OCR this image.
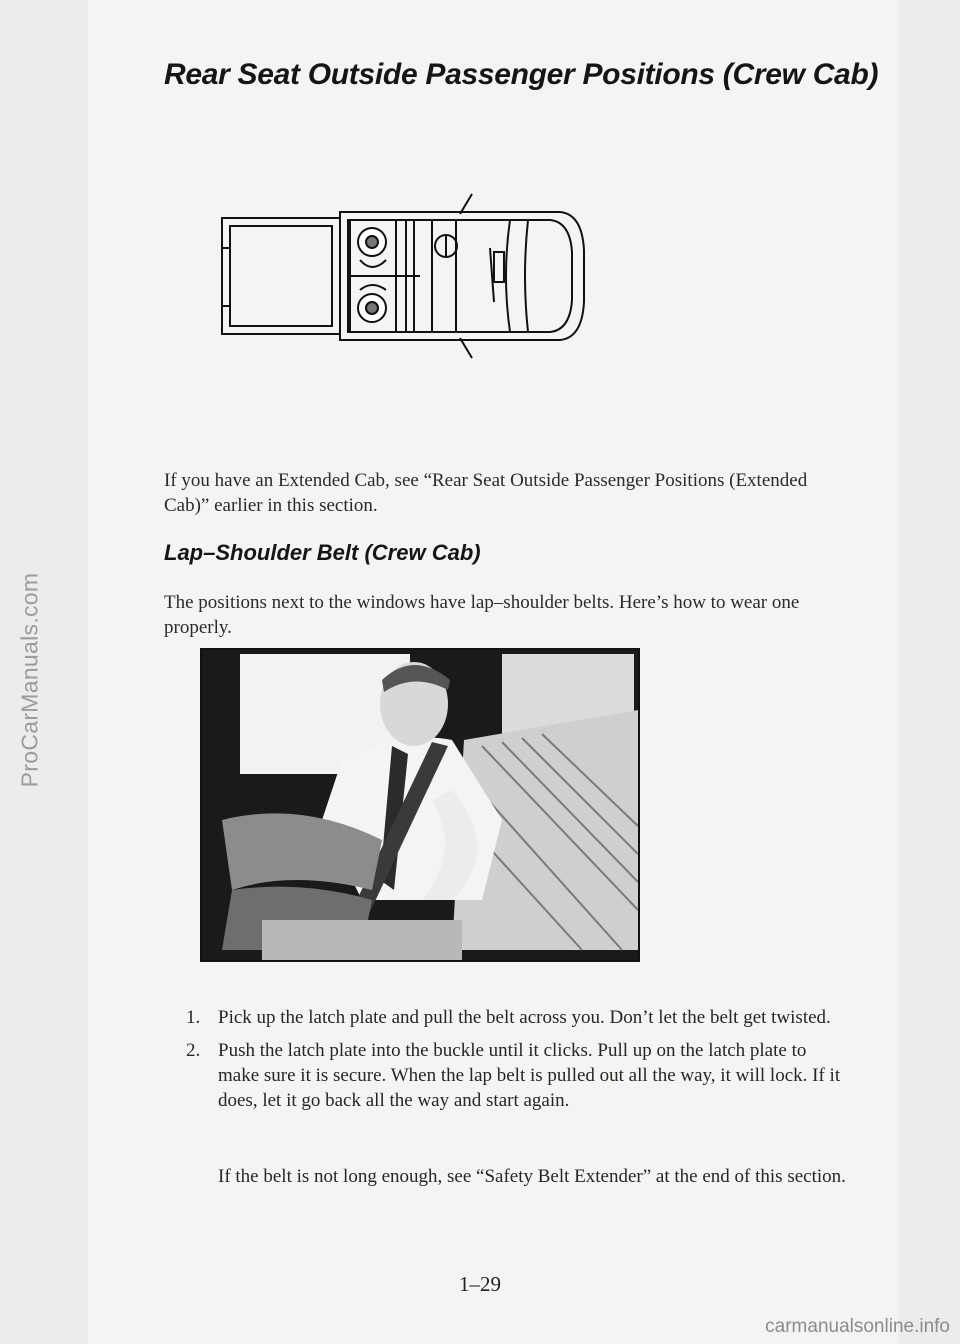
ProCarManuals.com
Rear Seat Outside Passenger Positions (Crew Cab)

If you have an Extended Cab, see “Rear Seat Outside Passenger Positions (Extended Cab)” earlier in this section.

Lap–Shoulder Belt (Crew Cab)

The positions next to the windows have lap–shoulder belts. Here’s how to wear one properly.

1. Pick up the latch plate and pull the belt across you. Don’t let the belt get twisted.
2. Push the latch plate into the buckle until it clicks. Pull up on the latch plate to make sure it is secure. When the lap belt is pulled out all the way, it will lock. If it does, let it go back all the way and start again.

If the belt is not long enough, see “Safety Belt Extender” at the end of this section.

1–29
carmanualsonline.info
